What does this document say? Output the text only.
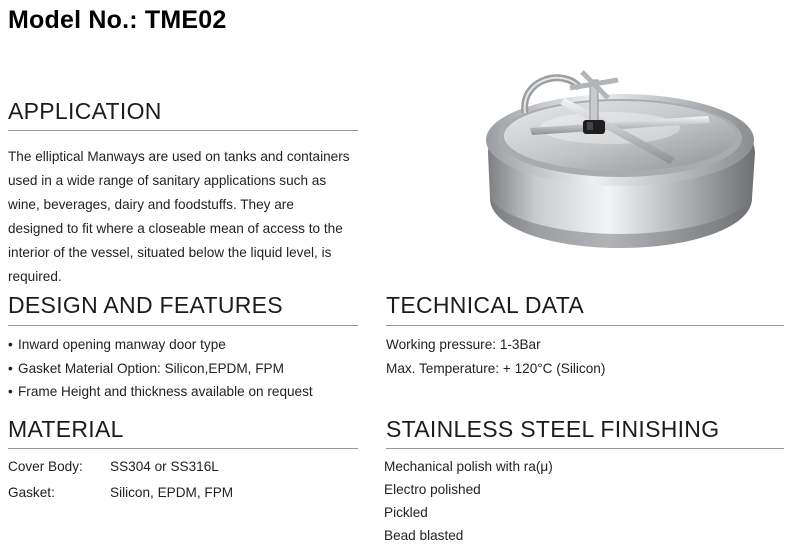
Model No.: TME02
APPLICATION

The elliptical Manways are used on tanks and containers

used in a wide range of sanitary applications such as

wine, beverages, dairy and foodstuffs. They are

designed to fit where a closeable mean of access to the

interior of the vessel, situated below the liquid level, is

required.

DESIGN AND FEATURES
• Inward opening manway door type
• Gasket Material Option: Silicon,EPDM, FPM
• Frame Height and thickness available on request
TECHNICAL DATA
Working pressure: 1-3Bar
Max. Temperature: + 120°C (Silicon)
MATERIAL
Cover Body:	SS304 or SS316L
Gasket:	Silicon, EPDM, FPM
STAINLESS STEEL FINISHING
Mechanical polish with ra(μ)
Electro polished
Pickled
Bead blasted
